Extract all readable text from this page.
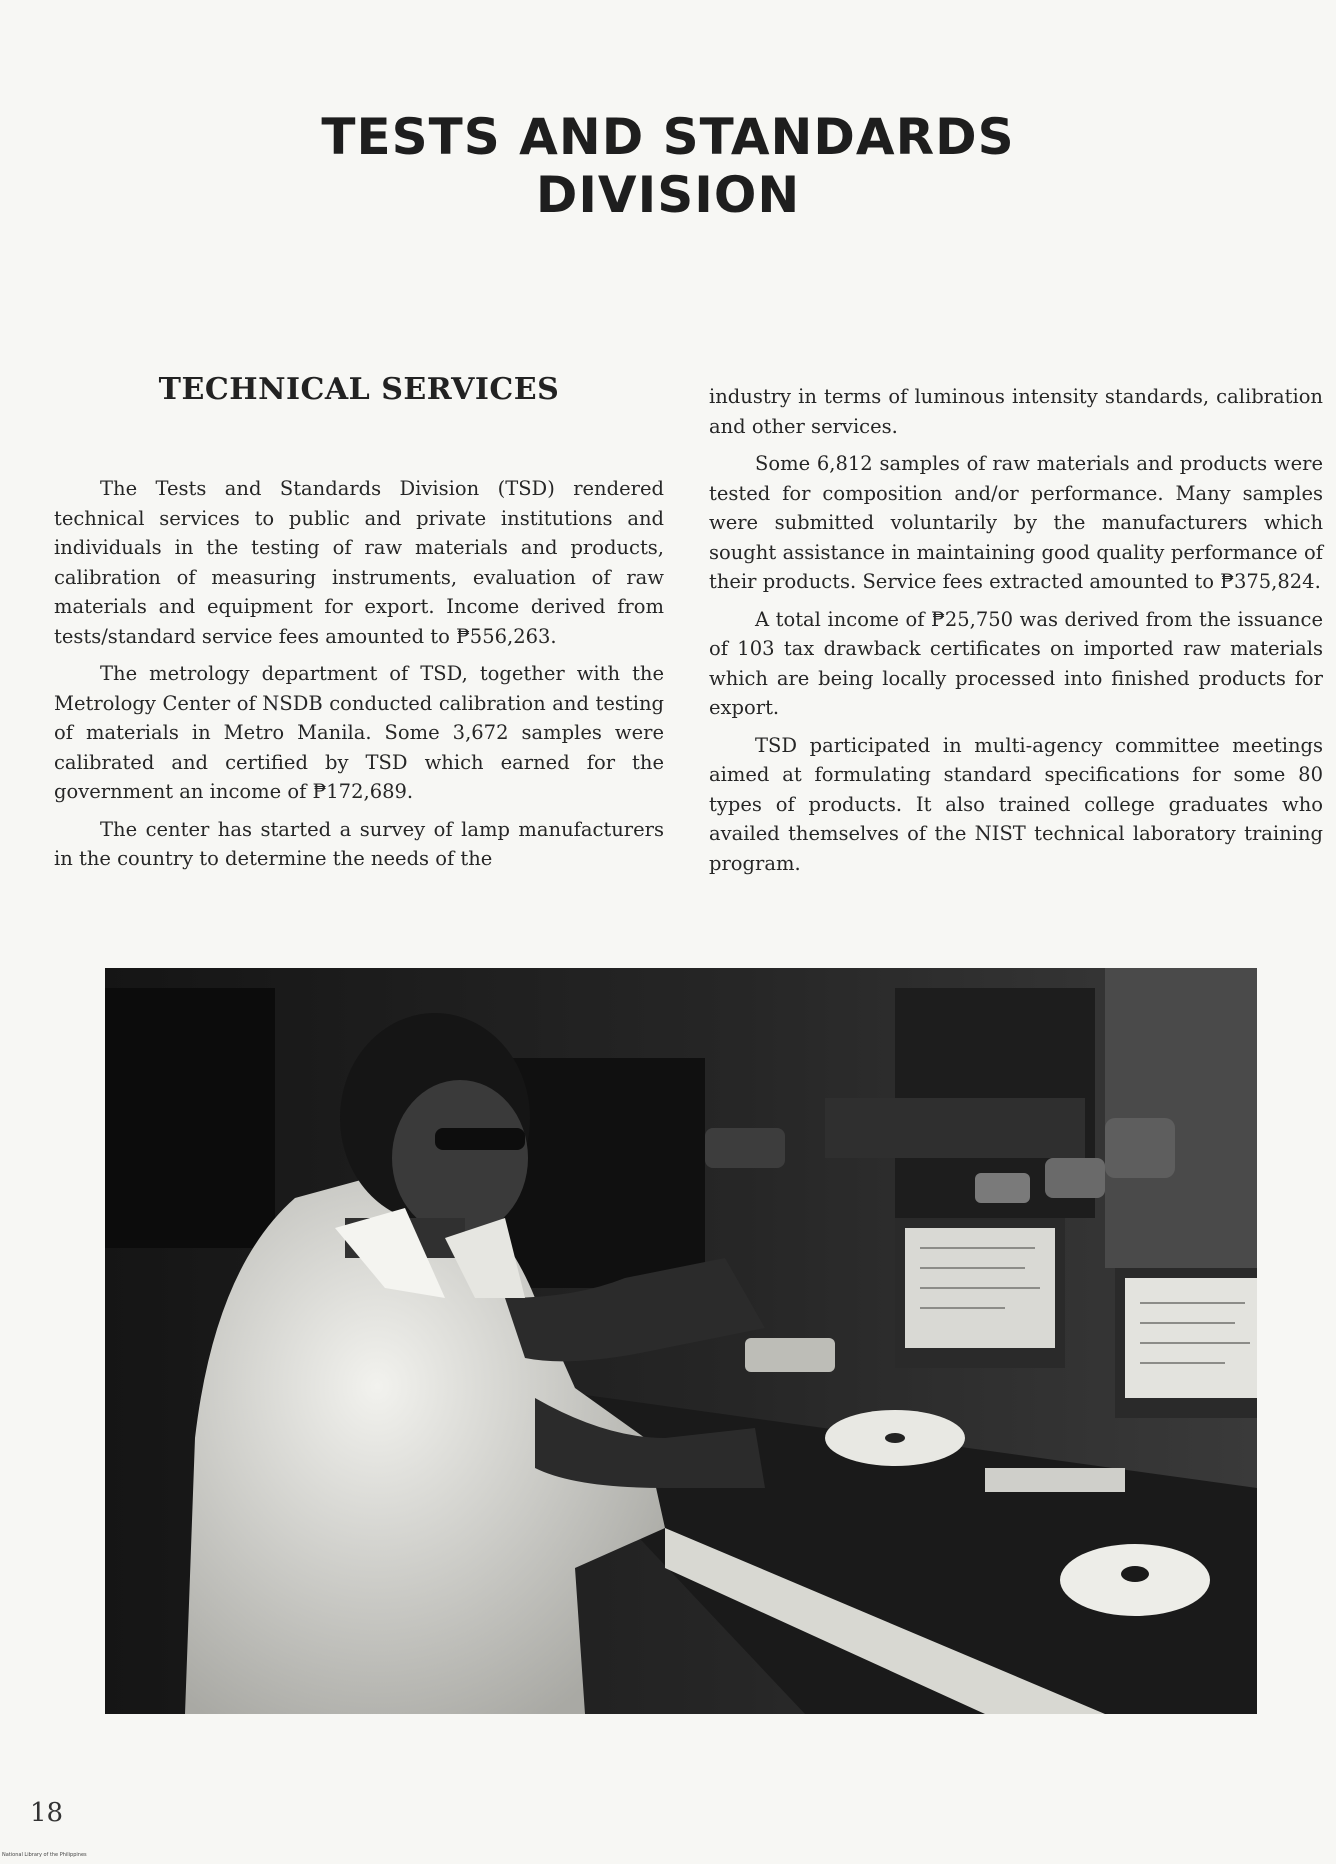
TESTS AND STANDARDS
DIVISION
TECHNICAL SERVICES

The Tests and Standards Division (TSD) rendered technical services to public and private institutions and individuals in the testing of raw materials and products, calibration of measuring instruments, evaluation of raw materials and equipment for export. Income derived from tests/standard service fees amounted to ₱556,263.

The metrology department of TSD, together with the Metrology Center of NSDB conducted calibration and testing of materials in Metro Manila. Some 3,672 samples were calibrated and certified by TSD which earned for the government an income of ₱172,689.

The center has started a survey of lamp manufacturers in the country to determine the needs of the

industry in terms of luminous intensity standards, calibration and other services.

Some 6,812 samples of raw materials and products were tested for composition and/or performance. Many samples were submitted voluntarily by the manufacturers which sought assistance in maintaining good quality performance of their products. Service fees extracted amounted to ₱375,824.

A total income of ₱25,750 was derived from the issuance of 103 tax drawback certificates on imported raw materials which are being locally processed into finished products for export.

TSD participated in multi-agency committee meetings aimed at formulating standard specifications for some 80 types of products. It also trained college graduates who availed themselves of the NIST technical laboratory training program.

18
National Library of the Philippines
